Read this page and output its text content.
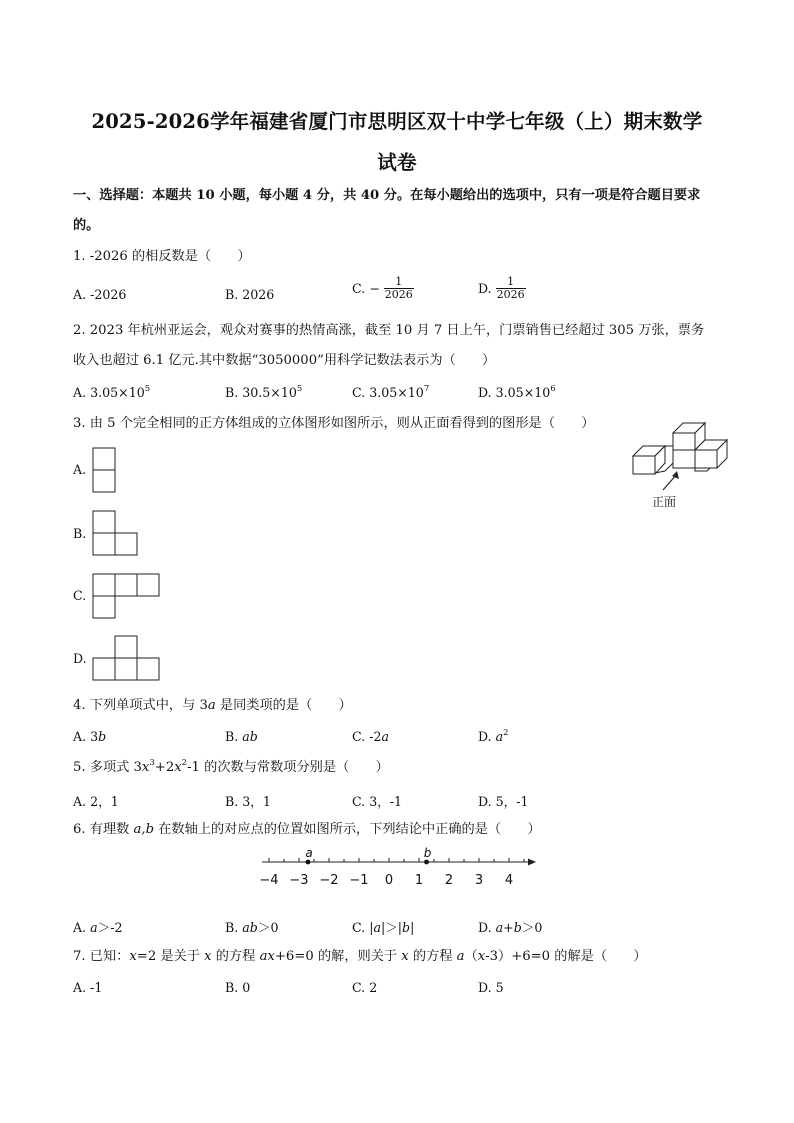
2025-2026学年福建省厦门市思明区双十中学七年级（上）期末数学
试卷
一、选择题：本题共 10 小题，每小题 4 分，共 40 分。在每小题给出的选项中，只有一项是符合题目要求
的。
1. -2026 的相反数是（　　）
A. -2026	B. 2026	C. − $\frac{1}{2026}$	D. $\frac{1}{2026}$
2. 2023 年杭州亚运会，观众对赛事的热情高涨，截至 10 月 7 日上午，门票销售已经超过 305 万张，票务
收入也超过 6.1 亿元.其中数据“3050000”用科学记数法表示为（　　）
A. $3.05\times 10^5$	B. $30.5\times 10^5$	C. $3.05\times 10^7$	D. $3.05\times 10^6$
3. 由 5 个完全相同的正方体组成的立体图形如图所示，则从正面看得到的图形是（　　）
正面
A.
B.
C.
D.
4. 下列单项式中，与 3a 是同类项的是（　　）
A. 3b	B. ab	C. -2a	D. $a^2$
5. 多项式 $3x^3+2x^2-1$ 的次数与常数项分别是（　　）
A. 2，1	B. 3，1	C. 3，-1	D. 5，-1
6. 有理数 a,b 在数轴上的对应点的位置如图所示，下列结论中正确的是（　　）
−4 −3 −2 −1 0 1 2 3 4
a	b
A. a＞-2	B. ab＞0	C. |a|＞|b|	D. a+b＞0
7. 已知：x=2 是关于 x 的方程 ax+6=0 的解，则关于 x 的方程 a（x-3）+6=0 的解是（　　）
A. -1	B. 0	C. 2	D. 5
